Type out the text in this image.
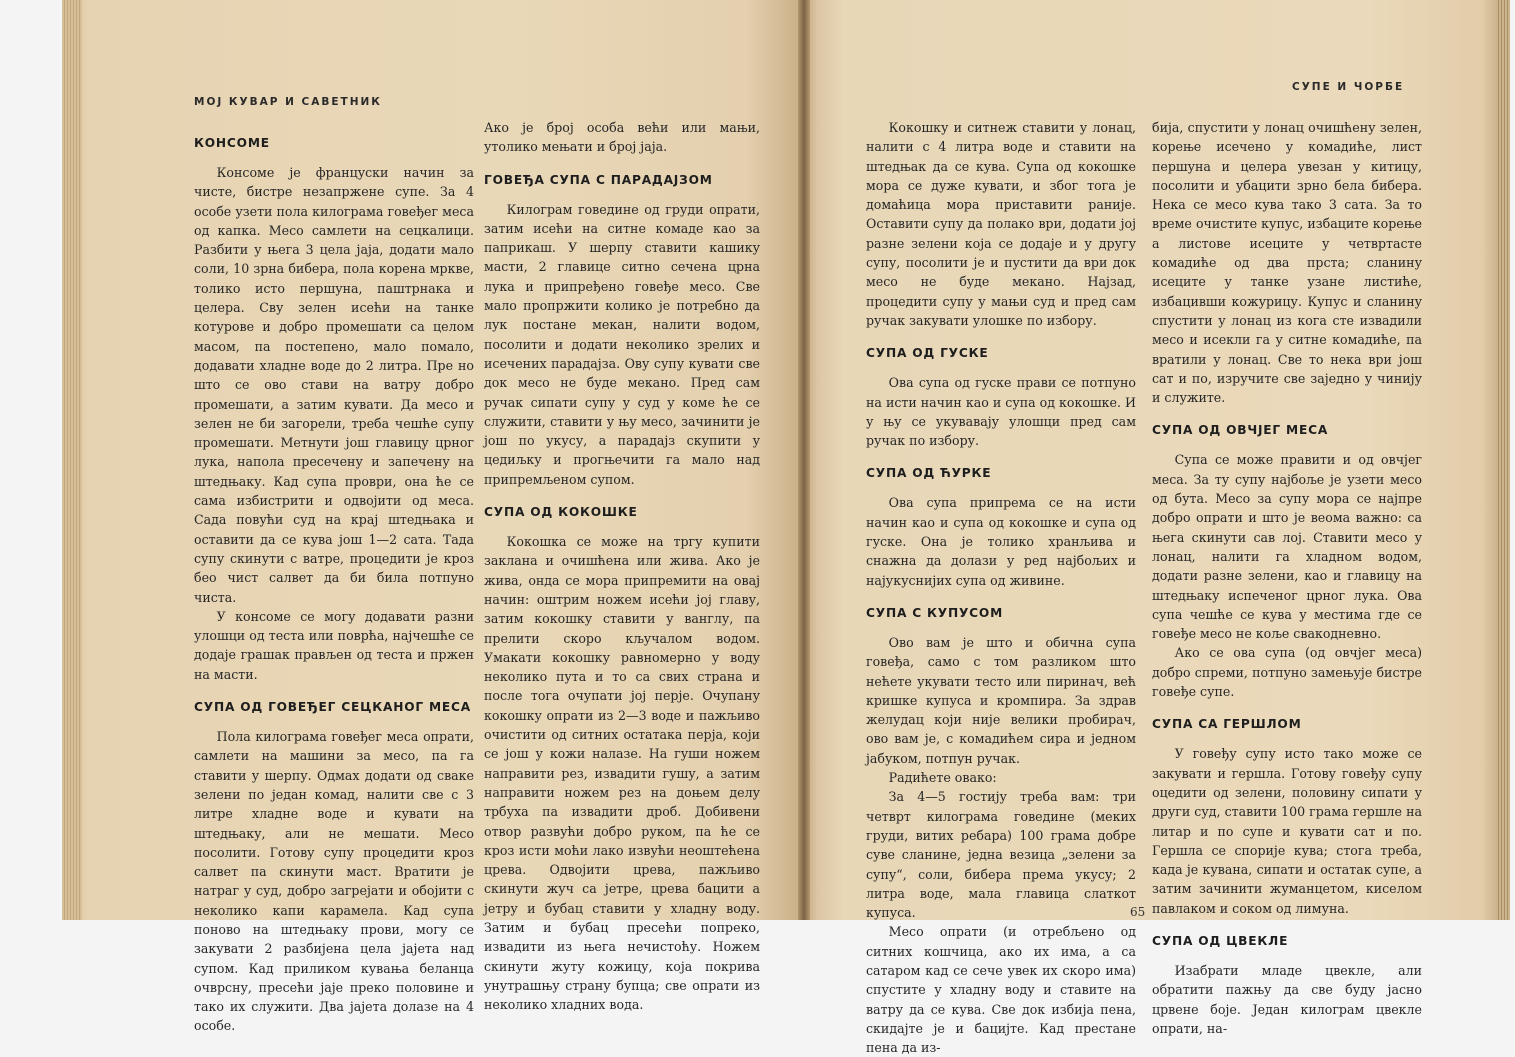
МОЈ КУВАР И САВЕТНИК
СУПЕ И ЧОРБЕ
КОНСОМЕ

Консоме је француски начин за чисте, бистре незапржене супе. За 4 особе узети пола килограма говеђег меса од капка. Месо самлети на сецкалици. Разбити у њега 3 цела јаја, додати мало соли, 10 зрна бибера, пола корена мркве, толико исто першуна, паштрнака и целера. Сву зелен исећи на танке котурове и добро промешати са целом масом, па постепено, мало помало, додавати хладне воде до 2 литра. Пре но што се ово стави на ватру добро промешати, а затим кувати. Да месо и зелен не би загорели, треба чешће супу промешати. Метнути још главицу црног лука, напола пресечену и запечену на штедњаку. Кад супа проври, она ће се сама избистрити и одвојити од меса. Сада повући суд на крај штедњака и оставити да се кува још 1—2 сата. Тада супу скинути с ватре, процедити је кроз бео чист салвет да би била потпуно чиста.

У консоме се могу додавати разни улошци од теста или поврћа, најчешће се додаје грашак прављен од теста и пржен на масти.

СУПА ОД ГОВЕЂЕГ СЕЦКАНОГ МЕСА

Пола килограма говеђег меса опрати, самлети на машини за месо, па га ставити у шерпу. Одмах додати од сваке зелени по један комад, налити све с 3 литре хладне воде и кувати на штедњаку, али не мешати. Месо посолити. Готову супу процедити кроз салвет па скинути маст. Вратити је натраг у суд, добро загрејати и обојити с неколико капи карамела. Кад супа поново на штедњаку прови, могу се закувати 2 разбијена цела јајета над супом. Кад приликом кувања беланца очврсну, пресећи јаје преко половине и тако их служити. Два јајета долазе на 4 особе.

Ако је број особа већи или мањи, утолико мењати и број јаја.

ГОВЕЂА СУПА С ПАРАДАЈЗОМ

Килограм говедине од груди опрати, затим исећи на ситне комаде као за паприкаш. У шерпу ставити кашику масти, 2 главице ситно сечена црна лука и припређено говеђе месо. Све мало пропржити колико је потребно да лук постане мекан, налити водом, посолити и додати неколико зрелих и исечених парадајза. Ову супу кувати све док месо не буде мекано. Пред сам ручак сипати супу у суд у коме ће се служити, ставити у њу месо, зачинити је још по укусу, а парадајз скупити у цедиљку и прогњечити га мало над припремљеном супом.

СУПА ОД КОКОШКЕ

Кокошка се може на тргу купити заклана и очишћена или жива. Ако је жива, онда се мора припремити на овај начин: оштрим ножем исећи јој главу, затим кокошку ставити у ванглу, па прелити скоро кључалом водом. Умакати кокошку равномерно у воду неколико пута и то са свих страна и после тога очупати јој перје. Очупану кокошку опрати из 2—3 воде и пажљиво очистити од ситних остатака перја, који се још у кожи налазе. На гуши ножем направити рез, извадити гушу, а затим направити ножем рез на доњем делу трбуха па извадити дроб. Добивени отвор развући добро руком, па ће се кроз исти моћи лако извући неоштећена црева. Одвојити црева, пажљиво скинути жуч са јетре, црева бацити а јетру и бубац ставити у хладну воду. Затим и бубац пресећи попреко, извадити из њега нечистоћу. Ножем скинути жуту кожицу, која покрива унутрашњу страну бупца; све опрати из неколико хладних вода.

Кокошку и ситнеж ставити у лонац, налити с 4 литра воде и ставити на штедњак да се кува. Супа од кокошке мора се дуже кувати, и због тога је домаћица мора приставити раније. Оставити супу да полако ври, додати јој разне зелени која се додаје и у другу супу, посолити је и пустити да ври док месо не буде мекано. Најзад, процедити супу у мањи суд и пред сам ручак закувати улошке по избору.

СУПА ОД ГУСКЕ

Ова супа од гуске прави се потпуно на исти начин као и супа од кокошке. И у њу се укувавају улошци пред сам ручак по избору.

СУПА ОД ЋУРКЕ

Ова супа припрема се на исти начин као и супа од кокошке и супа од гуске. Она је толико хранљива и снажна да долази у ред најбољих и најукуснијих супа од живине.

СУПА С КУПУСОМ

Ово вам је што и обична супа говеђа, само с том разликом што нећете укувати тесто или пиринач, већ кришке купуса и кромпира. За здрав желудац који није велики пробирач, ово вам је, с комадићем сира и једном јабуком, потпун ручак.

Радићете овако:

За 4—5 гостију треба вам: три четврт килограма говедине (меких груди, витих ребара) 100 грама добре суве сланине, једна везица „зелени за супу“, соли, бибера према укусу; 2 литра воде, мала главица слаткот купуса.

Месо опрати (и отребљено од ситних кошчица, ако их има, а са сатаром кад се сече увек их скоро има) спустите у хладну воду и ставите на ватру да се кува. Све док избија пена, скидајте је и бацијте. Кад престане пена да из-

бија, спустити у лонац очишћену зелен, корење исечено у комадиће, лист першуна и целера увезан у китицу, посолити и убацити зрно бела бибера. Нека се месо кува тако 3 сата. За то време очистите купус, избаците корење а листове исеците у четвртасте комадиће од два прста; сланину исеците у танке узане листиће, избацивши кожурицу. Купус и сланину спустити у лонац из кога сте извадили месо и исекли га у ситне комадиће, па вратили у лонац. Све то нека ври још сат и по, изручите све заједно у чинију и служите.

СУПА ОД ОВЧЈЕГ МЕСА

Супа се може правити и од овчјег меса. За ту супу најбоље је узети месо од бута. Месо за супу мора се најпре добро опрати и што је веома важно: са њега скинути сав лој. Ставити месо у лонац, налити га хладном водом, додати разне зелени, као и главицу на штедњаку испеченог црног лука. Ова супа чешће се кува у местима где се говеђе месо не коље свакодневно.

Ако се ова супа (од овчјег меса) добро спреми, потпуно замењује бистре говеђе супе.

СУПА СА ГЕРШЛОМ

У говеђу супу исто тако може се закувати и гершла. Готову говеђу супу оцедити од зелени, половину сипати у други суд, ставити 100 грама гершле на литар и по супе и кувати сат и по. Гершла се спорије кува; стога треба, када је кувана, сипати и остатак супе, а затим зачинити жуманцетом, киселом павлаком и соком од лимуна.

СУПА ОД ЦВЕКЛЕ

Изабрати младе цвекле, али обратити пажњу да све буду јасно црвене боје. Један килограм цвекле опрати, на-

65
